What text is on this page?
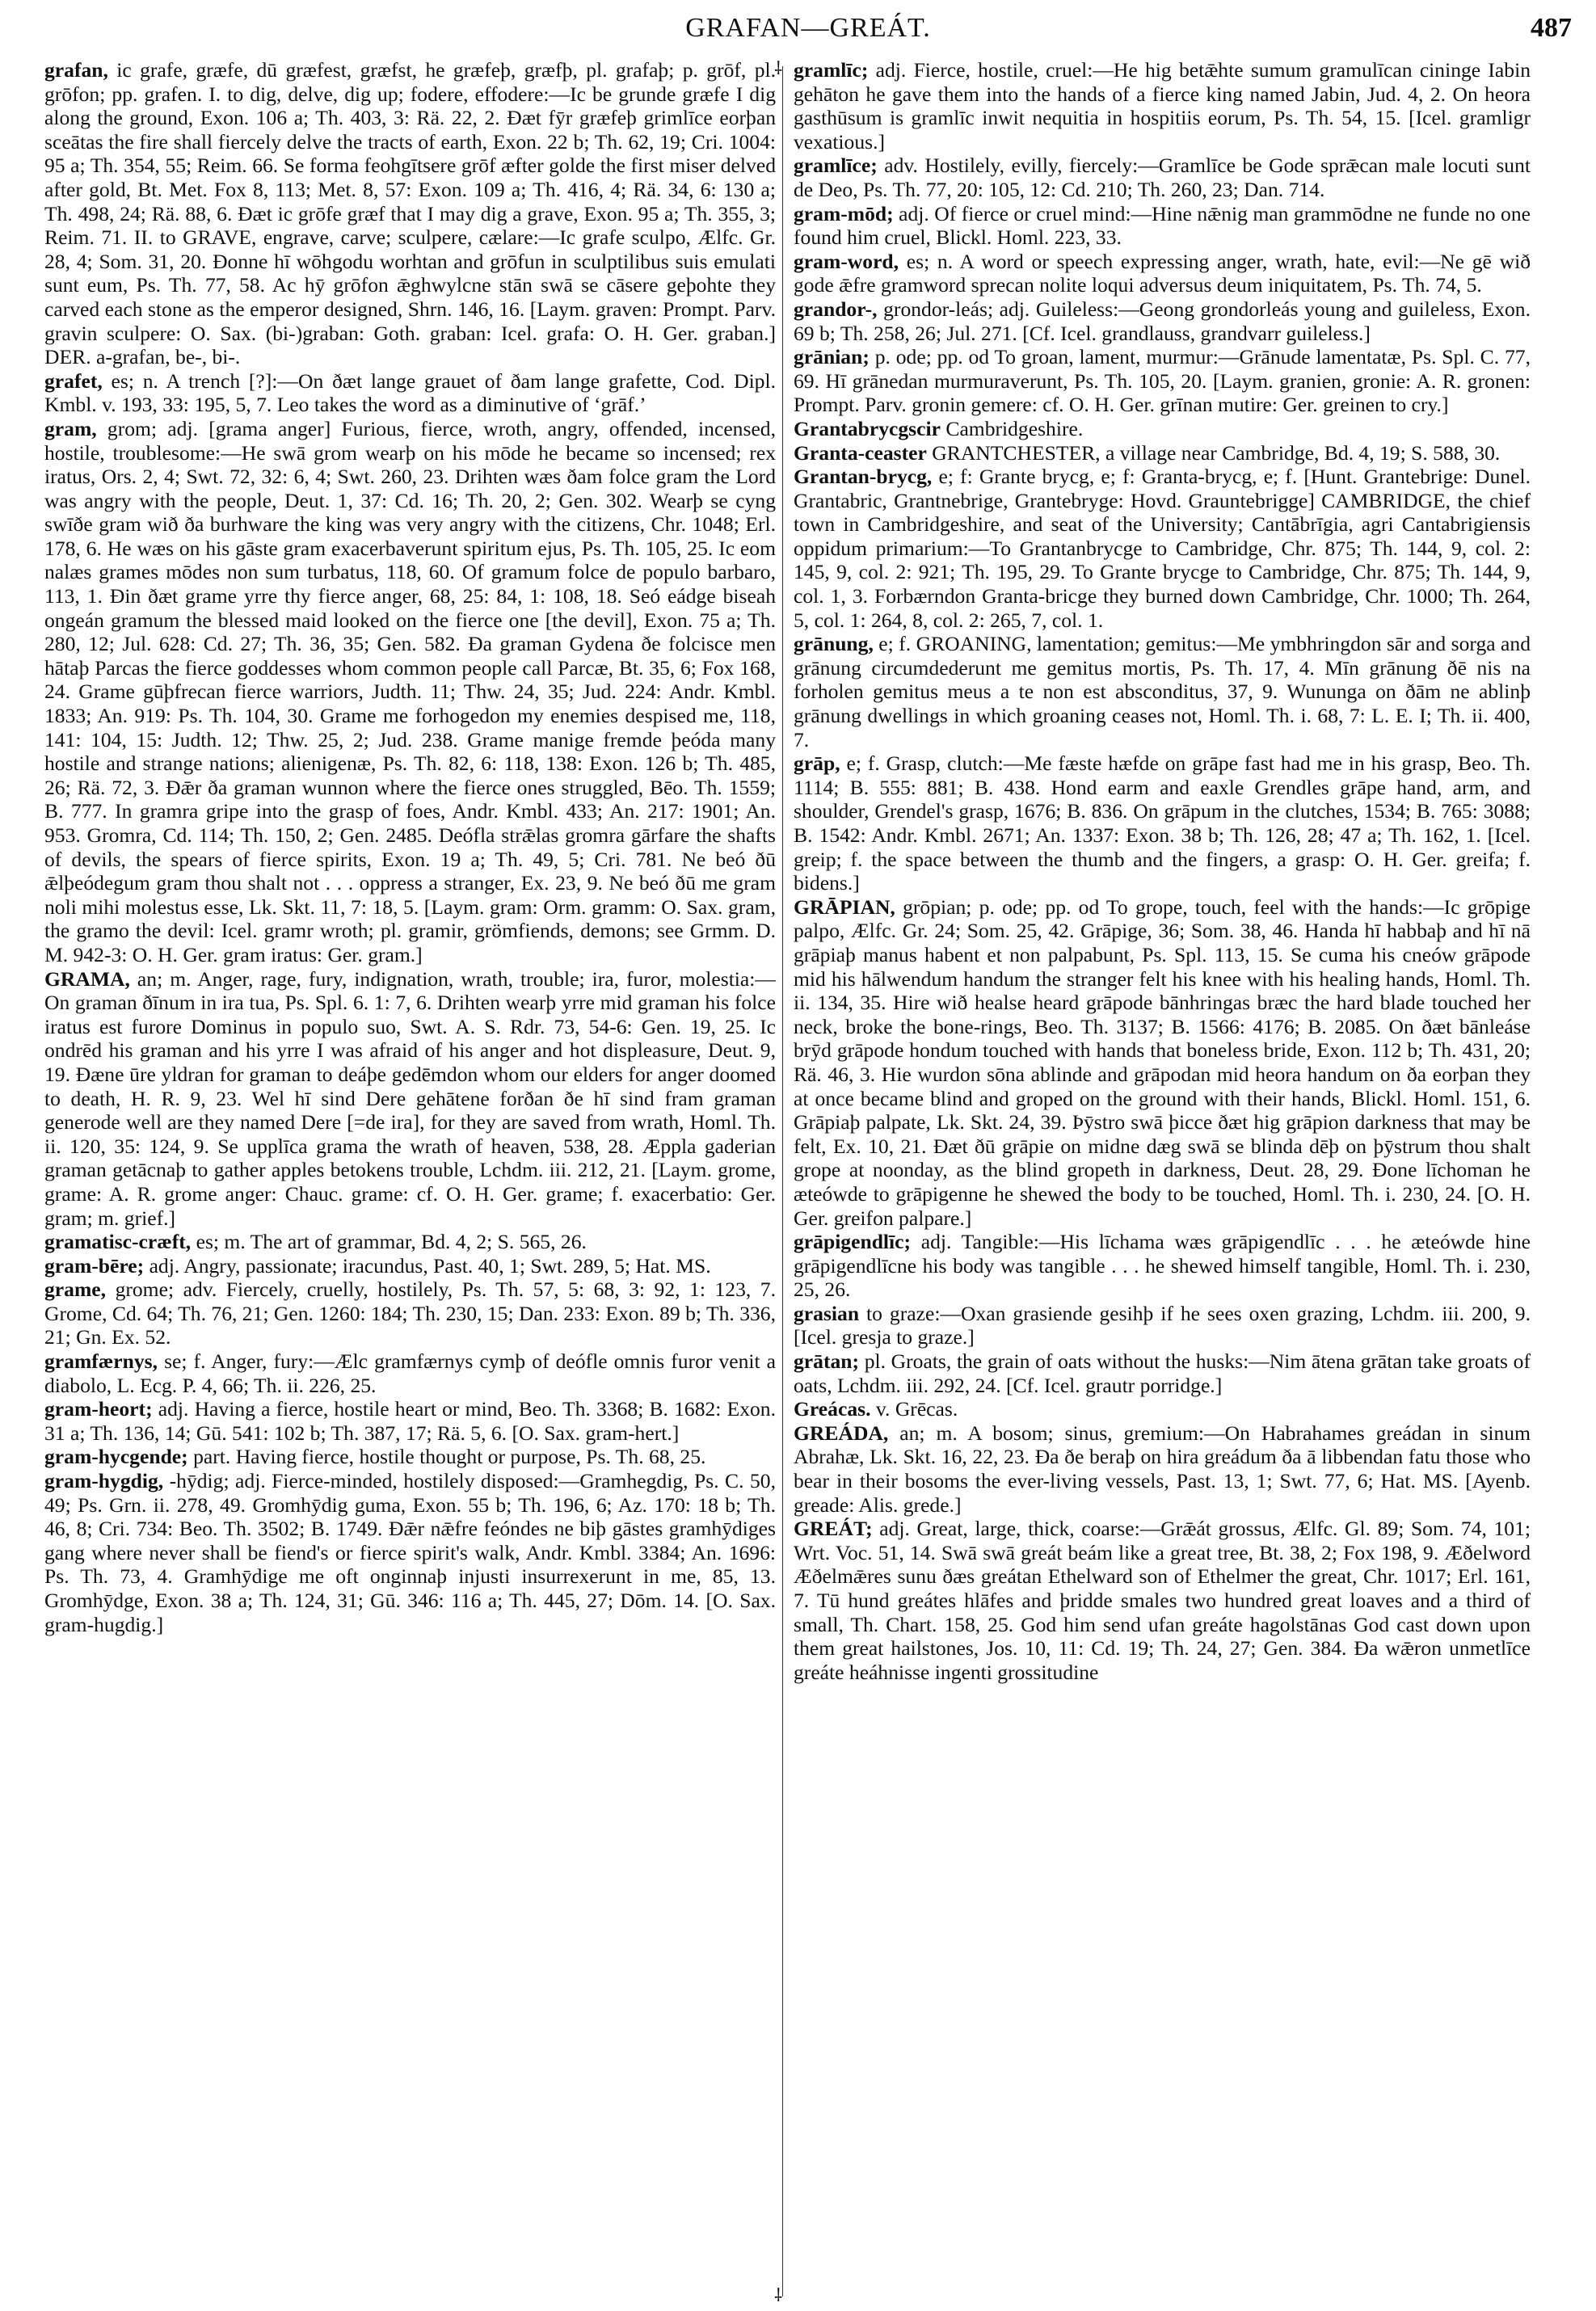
GRAFAN—GREÁT.	487

grafan, ic grafe, græfe, dū græfest, græfst, he græfeþ, græfþ, pl. grafaþ; p. grōf, pl. grōfon; pp. grafen. I. to dig, delve, dig up; fodere, effodere:—Ic be grunde græfe I dig along the ground, Exon. 106 a; Th. 403, 3: Rä. 22, 2. Ðæt fȳr græfeþ grimlīce eorþan sceātas the fire shall fiercely delve the tracts of earth, Exon. 22 b; Th. 62, 19; Cri. 1004: 95 a; Th. 354, 55; Reim. 66. Se forma feohgītsere grōf æfter golde the first miser delved after gold, Bt. Met. Fox 8, 113; Met. 8, 57: Exon. 109 a; Th. 416, 4; Rä. 34, 6: 130 a; Th. 498, 24; Rä. 88, 6. Ðæt ic grōfe græf that I may dig a grave, Exon. 95 a; Th. 355, 3; Reim. 71. II. to GRAVE, engrave, carve; sculpere, cælare:—Ic grafe sculpo, Ælfc. Gr. 28, 4; Som. 31, 20. Ðonne hī wōhgodu worhtan and grōfun in sculptilibus suis emulati sunt eum, Ps. Th. 77, 58. Ac hȳ grōfon ǣghwylcne stān swā se cāsere geþohte they carved each stone as the emperor designed, Shrn. 146, 16. [Laym. graven: Prompt. Parv. gravin sculpere: O. Sax. (bi-)graban: Goth. graban: Icel. grafa: O. H. Ger. graban.] DER. a-grafan, be-, bi-.

grafet, es; n. A trench [?]:—On ðæt lange grauet of ðam lange grafette, Cod. Dipl. Kmbl. v. 193, 33: 195, 5, 7. Leo takes the word as a diminutive of ‘grāf.’

gram, grom; adj. [grama anger] Furious, fierce, wroth, angry, offended, incensed, hostile, troublesome:—He swā grom wearþ on his mōde he became so incensed; rex iratus, Ors. 2, 4; Swt. 72, 32: 6, 4; Swt. 260, 23. Drihten wæs ðam folce gram the Lord was angry with the people, Deut. 1, 37: Cd. 16; Th. 20, 2; Gen. 302. Wearþ se cyng swīðe gram wið ða burhware the king was very angry with the citizens, Chr. 1048; Erl. 178, 6. He wæs on his gāste gram exacerbaverunt spiritum ejus, Ps. Th. 105, 25. Ic eom nalæs grames mōdes non sum turbatus, 118, 60. Of gramum folce de populo barbaro, 113, 1. Ðin ðæt grame yrre thy fierce anger, 68, 25: 84, 1: 108, 18. Seó eádge biseah ongeán gramum the blessed maid looked on the fierce one [the devil], Exon. 75 a; Th. 280, 12; Jul. 628: Cd. 27; Th. 36, 35; Gen. 582. Ða graman Gydena ðe folcisce men hātaþ Parcas the fierce goddesses whom common people call Parcæ, Bt. 35, 6; Fox 168, 24. Grame gūþfrecan fierce warriors, Judth. 11; Thw. 24, 35; Jud. 224: Andr. Kmbl. 1833; An. 919: Ps. Th. 104, 30. Grame me forhogedon my enemies despised me, 118, 141: 104, 15: Judth. 12; Thw. 25, 2; Jud. 238. Grame manige fremde þeóda many hostile and strange nations; alienigenæ, Ps. Th. 82, 6: 118, 138: Exon. 126 b; Th. 485, 26; Rä. 72, 3. Ðǣr ða graman wunnon where the fierce ones struggled, Bēo. Th. 1559; B. 777. In gramra gripe into the grasp of foes, Andr. Kmbl. 433; An. 217: 1901; An. 953. Gromra, Cd. 114; Th. 150, 2; Gen. 2485. Deófla strǣlas gromra gārfare the shafts of devils, the spears of fierce spirits, Exon. 19 a; Th. 49, 5; Cri. 781. Ne beó ðū ǣlþeódegum gram thou shalt not . . . oppress a stranger, Ex. 23, 9. Ne beó ðū me gram noli mihi molestus esse, Lk. Skt. 11, 7: 18, 5. [Laym. gram: Orm. gramm: O. Sax. gram, the gramo the devil: Icel. gramr wroth; pl. gramir, grömfiends, demons; see Grmm. D. M. 942-3: O. H. Ger. gram iratus: Ger. gram.]

GRAMA, an; m. Anger, rage, fury, indignation, wrath, trouble; ira, furor, molestia:—On graman ðīnum in ira tua, Ps. Spl. 6. 1: 7, 6. Drihten wearþ yrre mid graman his folce iratus est furore Dominus in populo suo, Swt. A. S. Rdr. 73, 54-6: Gen. 19, 25. Ic ondrēd his graman and his yrre I was afraid of his anger and hot displeasure, Deut. 9, 19. Ðæne ūre yldran for graman to deáþe gedēmdon whom our elders for anger doomed to death, H. R. 9, 23. Wel hī sind Dere gehātene forðan ðe hī sind fram graman generode well are they named Dere [=de ira], for they are saved from wrath, Homl. Th. ii. 120, 35: 124, 9. Se upplīca grama the wrath of heaven, 538, 28. Æppla gaderian graman getācnaþ to gather apples betokens trouble, Lchdm. iii. 212, 21. [Laym. grome, grame: A. R. grome anger: Chauc. grame: cf. O. H. Ger. grame; f. exacerbatio: Ger. gram; m. grief.]

gramatisc-cræft, es; m. The art of grammar, Bd. 4, 2; S. 565, 26.

gram-bēre; adj. Angry, passionate; iracundus, Past. 40, 1; Swt. 289, 5; Hat. MS.

grame, grome; adv. Fiercely, cruelly, hostilely, Ps. Th. 57, 5: 68, 3: 92, 1: 123, 7. Grome, Cd. 64; Th. 76, 21; Gen. 1260: 184; Th. 230, 15; Dan. 233: Exon. 89 b; Th. 336, 21; Gn. Ex. 52.

gramfærnys, se; f. Anger, fury:—Ælc gramfærnys cymþ of deófle omnis furor venit a diabolo, L. Ecg. P. 4, 66; Th. ii. 226, 25.

gram-heort; adj. Having a fierce, hostile heart or mind, Beo. Th. 3368; B. 1682: Exon. 31 a; Th. 136, 14; Gū. 541: 102 b; Th. 387, 17; Rä. 5, 6. [O. Sax. gram-hert.]

gram-hycgende; part. Having fierce, hostile thought or purpose, Ps. Th. 68, 25.

gram-hygdig, -hȳdig; adj. Fierce-minded, hostilely disposed:—Gramhegdig, Ps. C. 50, 49; Ps. Grn. ii. 278, 49. Gromhȳdig guma, Exon. 55 b; Th. 196, 6; Az. 170: 18 b; Th. 46, 8; Cri. 734: Beo. Th. 3502; B. 1749. Ðǣr nǣfre feóndes ne biþ gāstes gramhȳdiges gang where never shall be fiend's or fierce spirit's walk, Andr. Kmbl. 3384; An. 1696: Ps. Th. 73, 4. Gramhȳdige me oft onginnaþ injusti insurrexerunt in me, 85, 13. Gromhȳdge, Exon. 38 a; Th. 124, 31; Gū. 346: 116 a; Th. 445, 27; Dōm. 14. [O. Sax. gram-hugdig.]

⸸
⸸

gramlīc; adj. Fierce, hostile, cruel:—He hig betǣhte sumum gramulīcan cininge Iabin gehāton he gave them into the hands of a fierce king named Jabin, Jud. 4, 2. On heora gasthūsum is gramlīc inwit nequitia in hospitiis eorum, Ps. Th. 54, 15. [Icel. gramligr vexatious.]

gramlīce; adv. Hostilely, evilly, fiercely:—Gramlīce be Gode sprǣcan male locuti sunt de Deo, Ps. Th. 77, 20: 105, 12: Cd. 210; Th. 260, 23; Dan. 714.

gram-mōd; adj. Of fierce or cruel mind:—Hine nǣnig man grammōdne ne funde no one found him cruel, Blickl. Homl. 223, 33.

gram-word, es; n. A word or speech expressing anger, wrath, hate, evil:—Ne gē wið gode ǣfre gramword sprecan nolite loqui adversus deum iniquitatem, Ps. Th. 74, 5.

grandor-, grondor-leás; adj. Guileless:—Geong grondorleás young and guileless, Exon. 69 b; Th. 258, 26; Jul. 271. [Cf. Icel. grandlauss, grandvarr guileless.]

grānian; p. ode; pp. od To groan, lament, murmur:—Grānude lamentatæ, Ps. Spl. C. 77, 69. Hī grānedan murmuraverunt, Ps. Th. 105, 20. [Laym. granien, gronie: A. R. gronen: Prompt. Parv. gronin gemere: cf. O. H. Ger. grīnan mutire: Ger. greinen to cry.]

Grantabrycgscir Cambridgeshire.

Granta-ceaster GRANTCHESTER, a village near Cambridge, Bd. 4, 19; S. 588, 30.

Grantan-brycg, e; f: Grante brycg, e; f: Granta-brycg, e; f. [Hunt. Grantebrige: Dunel. Grantabric, Grantnebrige, Grantebryge: Hovd. Grauntebrigge] CAMBRIDGE, the chief town in Cambridgeshire, and seat of the University; Cantābrīgia, agri Cantabrigiensis oppidum primarium:—To Grantanbrycge to Cambridge, Chr. 875; Th. 144, 9, col. 2: 145, 9, col. 2: 921; Th. 195, 29. To Grante brycge to Cambridge, Chr. 875; Th. 144, 9, col. 1, 3. Forbærndon Granta-bricge they burned down Cambridge, Chr. 1000; Th. 264, 5, col. 1: 264, 8, col. 2: 265, 7, col. 1.

grānung, e; f. GROANING, lamentation; gemitus:—Me ymbhringdon sār and sorga and grānung circumdederunt me gemitus mortis, Ps. Th. 17, 4. Mīn grānung ðē nis na forholen gemitus meus a te non est absconditus, 37, 9. Wununga on ðām ne ablinþ grānung dwellings in which groaning ceases not, Homl. Th. i. 68, 7: L. E. I; Th. ii. 400, 7.

grāp, e; f. Grasp, clutch:—Me fæste hæfde on grāpe fast had me in his grasp, Beo. Th. 1114; B. 555: 881; B. 438. Hond earm and eaxle Grendles grāpe hand, arm, and shoulder, Grendel's grasp, 1676; B. 836. On grāpum in the clutches, 1534; B. 765: 3088; B. 1542: Andr. Kmbl. 2671; An. 1337: Exon. 38 b; Th. 126, 28; 47 a; Th. 162, 1. [Icel. greip; f. the space between the thumb and the fingers, a grasp: O. H. Ger. greifa; f. bidens.]

GRĀPIAN, grōpian; p. ode; pp. od To grope, touch, feel with the hands:—Ic grōpige palpo, Ælfc. Gr. 24; Som. 25, 42. Grāpige, 36; Som. 38, 46. Handa hī habbaþ and hī nā grāpiaþ manus habent et non palpabunt, Ps. Spl. 113, 15. Se cuma his cneów grāpode mid his hālwendum handum the stranger felt his knee with his healing hands, Homl. Th. ii. 134, 35. Hire wið healse heard grāpode bānhringas bræc the hard blade touched her neck, broke the bone-rings, Beo. Th. 3137; B. 1566: 4176; B. 2085. On ðæt bānleáse brȳd grāpode hondum touched with hands that boneless bride, Exon. 112 b; Th. 431, 20; Rä. 46, 3. Hie wurdon sōna ablinde and grāpodan mid heora handum on ða eorþan they at once became blind and groped on the ground with their hands, Blickl. Homl. 151, 6. Grāpiaþ palpate, Lk. Skt. 24, 39. Þȳstro swā þicce ðæt hig grāpion darkness that may be felt, Ex. 10, 21. Ðæt ðū grāpie on midne dæg swā se blinda dēþ on þȳstrum thou shalt grope at noonday, as the blind gropeth in darkness, Deut. 28, 29. Ðone līchoman he æteówde to grāpigenne he shewed the body to be touched, Homl. Th. i. 230, 24. [O. H. Ger. greifon palpare.]

grāpigendlīc; adj. Tangible:—His līchama wæs grāpigendlīc . . . he æteówde hine grāpigendlīcne his body was tangible . . . he shewed himself tangible, Homl. Th. i. 230, 25, 26.

grasian to graze:—Oxan grasiende gesihþ if he sees oxen grazing, Lchdm. iii. 200, 9. [Icel. gresja to graze.]

grātan; pl. Groats, the grain of oats without the husks:—Nim ātena grātan take groats of oats, Lchdm. iii. 292, 24. [Cf. Icel. grautr porridge.]

Greácas. v. Grēcas.

GREÁDA, an; m. A bosom; sinus, gremium:—On Habrahames greádan in sinum Abrahæ, Lk. Skt. 16, 22, 23. Ða ðe beraþ on hira greádum ða ā libbendan fatu those who bear in their bosoms the ever-living vessels, Past. 13, 1; Swt. 77, 6; Hat. MS. [Ayenb. greade: Alis. grede.]

GREÁT; adj. Great, large, thick, coarse:—Grǣát grossus, Ælfc. Gl. 89; Som. 74, 101; Wrt. Voc. 51, 14. Swā swā greát beám like a great tree, Bt. 38, 2; Fox 198, 9. Æðelword Æðelmǣres sunu ðæs greátan Ethelward son of Ethelmer the great, Chr. 1017; Erl. 161, 7. Tū hund greátes hlāfes and þridde smales two hundred great loaves and a third of small, Th. Chart. 158, 25. God him send ufan greáte hagolstānas God cast down upon them great hailstones, Jos. 10, 11: Cd. 19; Th. 24, 27; Gen. 384. Ða wǣron unmetlīce greáte heáhnisse ingenti grossitudine
